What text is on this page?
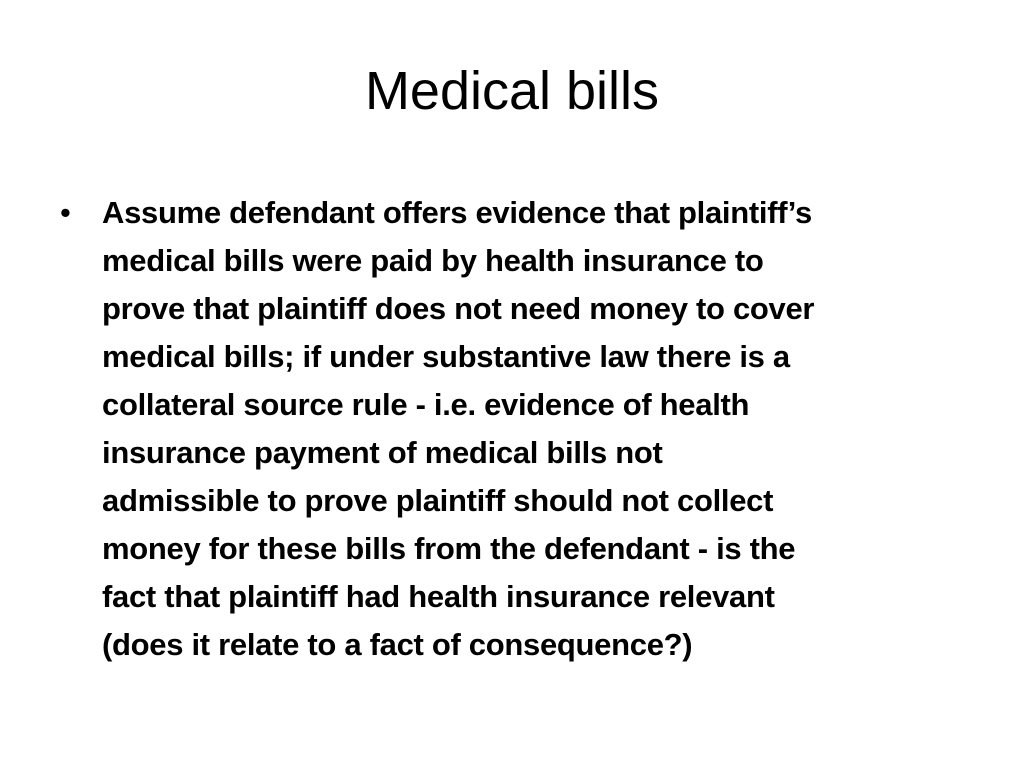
Medical bills
• Assume defendant offers evidence that plaintiff’s
medical bills were paid by health insurance to
prove that plaintiff does not need money to cover
medical bills; if under substantive law there is a
collateral source rule - i.e. evidence of health
insurance payment of medical bills not
admissible to prove plaintiff should not collect
money for these bills from the defendant - is the
fact that plaintiff had health insurance relevant
(does it relate to a fact of consequence?)
